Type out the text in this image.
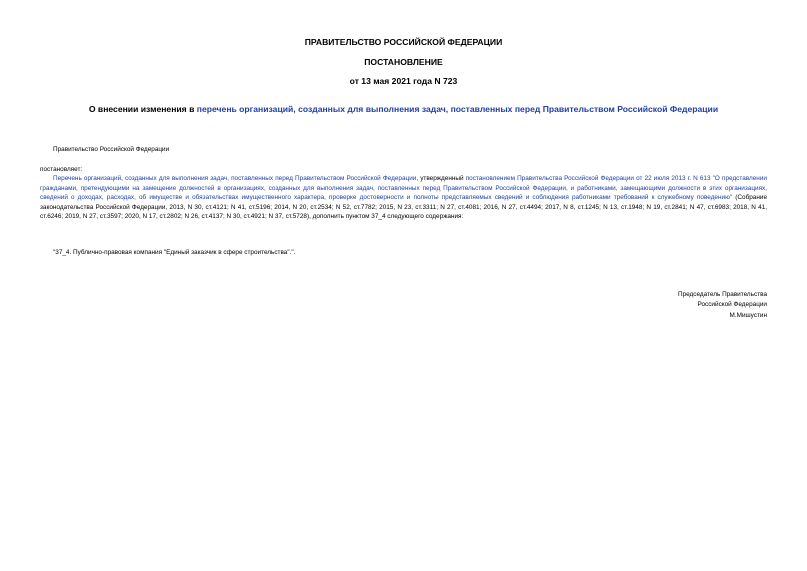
ПРАВИТЕЛЬСТВО РОССИЙСКОЙ ФЕДЕРАЦИИ
ПОСТАНОВЛЕНИЕ
от 13 мая 2021 года N 723
О внесении изменения в перечень организаций, созданных для выполнения задач, поставленных перед Правительством Российской Федерации
Правительство Российской Федерации
постановляет:
Перечень организаций, созданных для выполнения задач, поставленных перед Правительством Российской Федерации, утвержденный постановлением Правительства Российской Федерации от 22 июля 2013 г. N 613 "О представлении гражданами, претендующими на замещение должностей в организациях, созданных для выполнения задач, поставленных перед Правительством Российской Федерации, и работниками, замещающими должности в этих организациях, сведений о доходах, расходах, об имуществе и обязательствах имущественного характера, проверке достоверности и полноты представляемых сведений и соблюдения работниками требований к служебному поведению" (Собрание законодательства Российской Федерации, 2013, N 30, ст.4121; N 41, ст.5196; 2014, N 20, ст.2534; N 52, ст.7782; 2015, N 23, ст.3311; N 27, ст.4081; 2016, N 27, ст.4494; 2017, N 8, ст.1245; N 13, ст.1948; N 19, ст.2841; N 47, ст.6983; 2018, N 41, ст.6246; 2019, N 27, ст.3597; 2020, N 17, ст.2802; N 26, ст.4137; N 30, ст.4921; N 37, ст.5728), дополнить пунктом 37_4 следующего содержания:
"37_4. Публично-правовая компания "Единый заказчик в сфере строительства".".
Председатель Правительства
Российской Федерации
М.Мишустин
